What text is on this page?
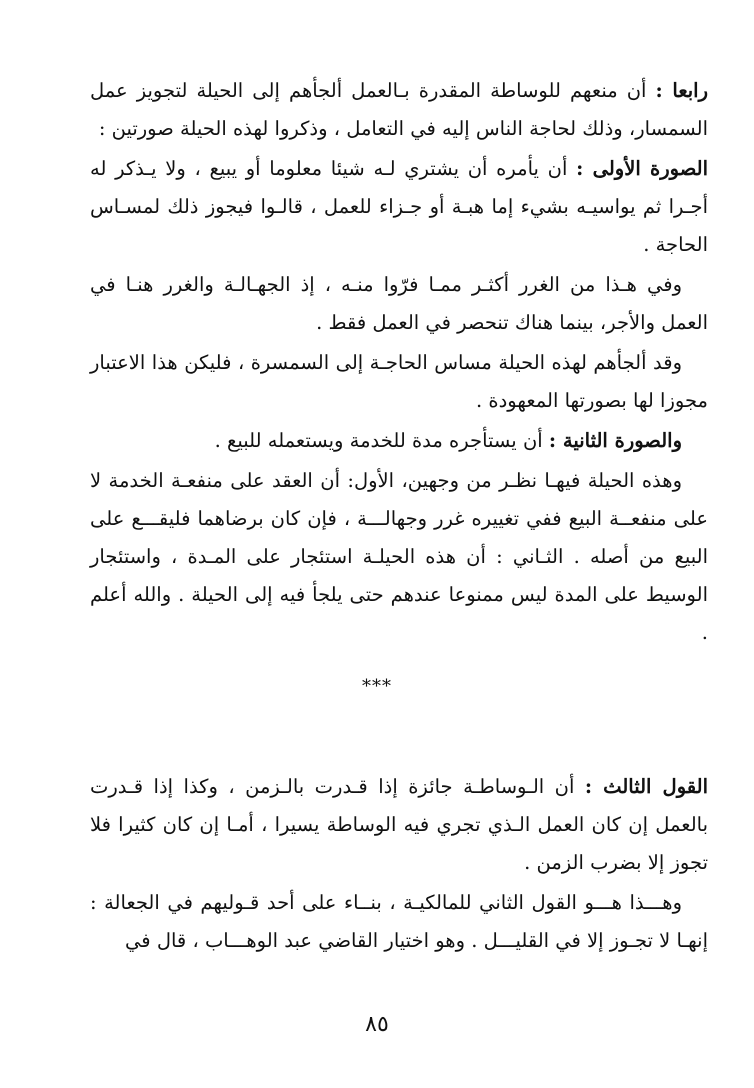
رابعا : أن منعهم للوساطة المقدرة بـالعمل ألجأهم إلى الحيلة لتجويز عمل السمسار، وذلك لحاجة الناس إليه في التعامل ، وذكروا لهذه الحيلة صورتين :

الصورة الأولى : أن يأمره أن يشتري لـه شيئا معلوما أو يبيع ، ولا يـذكر له أجـرا ثم يواسيـه بشيء إما هبـة أو جـزاء للعمل ، قالـوا فيجوز ذلك لمسـاس الحاجة .

وفي هـذا من الغرر أكثـر ممـا فرّوا منـه ، إذ الجهـالـة والغرر هنـا في العمل والأجر، بينما هناك تنحصر في العمل فقط .

وقد ألجأهم لهذه الحيلة مساس الحاجـة إلى السمسرة ، فليكن هذا الاعتبار مجوزا لها بصورتها المعهودة .

والصورة الثانية : أن يستأجره مدة للخدمة ويستعمله للبيع .

وهذه الحيلة فيهـا نظـر من وجهين، الأول: أن العقد على منفعـة الخدمة لا على منفعــة البيع ففي تغييره غرر وجهالـــة ، فإن كان برضاهما فليقـــع على البيع من أصله . الثـاني : أن هذه الحيلـة استئجار على المـدة ، واستئجار الوسيط على المدة ليس ممنوعا عندهم حتى يلجأ فيه إلى الحيلة . والله أعلم .

***

القول الثالث : أن الـوساطـة جائزة إذا قـدرت بالـزمن ، وكذا إذا قـدرت بالعمل إن كان العمل الـذي تجري فيه الوساطة يسيرا ، أمـا إن كان كثيرا فلا تجوز إلا بضرب الزمن .

وهـــذا هـــو القول الثاني للمالكيـة ، بنــاء على أحد قـوليهم في الجعالة : إنهـا لا تجـوز إلا في القليـــل . وهو اختيار القاضي عبد الوهـــاب ، قال في

٨٥
